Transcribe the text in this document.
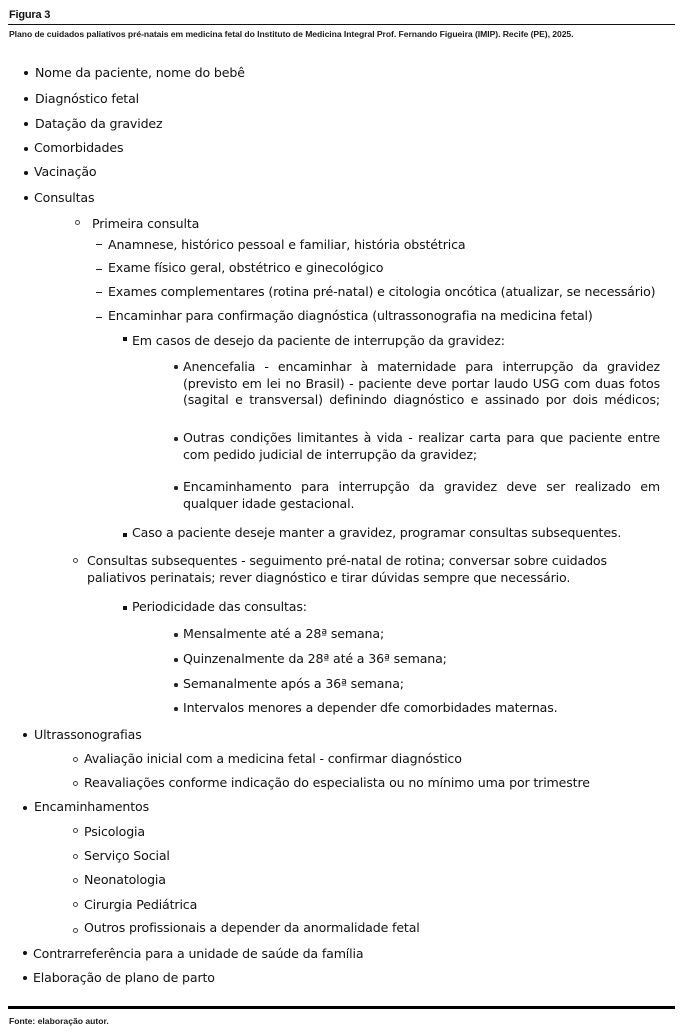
Figura 3
Plano de cuidados paliativos pré-natais em medicina fetal do Instituto de Medicina Integral Prof. Fernando Figueira (IMIP). Recife (PE), 2025.
Nome da paciente, nome do bebê
Diagnóstico fetal
Datação da gravidez
Comorbidades
Vacinação
Consultas
Primeira consulta
Anamnese, histórico pessoal e familiar, história obstétrica
Exame físico geral, obstétrico e ginecológico
Exames complementares (rotina pré-natal) e citologia oncótica (atualizar, se necessário)
Encaminhar para confirmação diagnóstica (ultrassonografia na medicina fetal)
Em casos de desejo da paciente de interrupção da gravidez:
Anencefalia - encaminhar à maternidade para interrupção da gravidez (previsto em lei no Brasil) - paciente deve portar laudo USG com duas fotos (sagital e transversal) definindo diagnóstico e assinado por dois médicos;
Outras condições limitantes à vida - realizar carta para que paciente entre com pedido judicial de interrupção da gravidez;
Encaminhamento para interrupção da gravidez deve ser realizado em qualquer idade gestacional.
Caso a paciente deseje manter a gravidez, programar consultas subsequentes.
Consultas subsequentes - seguimento pré-natal de rotina; conversar sobre cuidados paliativos perinatais; rever diagnóstico e tirar dúvidas sempre que necessário.
Periodicidade das consultas:
Mensalmente até a 28ª semana;
Quinzenalmente da 28ª até a 36ª semana;
Semanalmente após a 36ª semana;
Intervalos menores a depender dfe comorbidades maternas.
Ultrassonografias
Avaliação inicial com a medicina fetal - confirmar diagnóstico
Reavaliações conforme indicação do especialista ou no mínimo uma por trimestre
Encaminhamentos
Psicologia
Serviço Social
Neonatologia
Cirurgia Pediátrica
Outros profissionais a depender da anormalidade fetal
Contrarreferência para a unidade de saúde da família
Elaboração de plano de parto
Fonte: elaboração autor.
